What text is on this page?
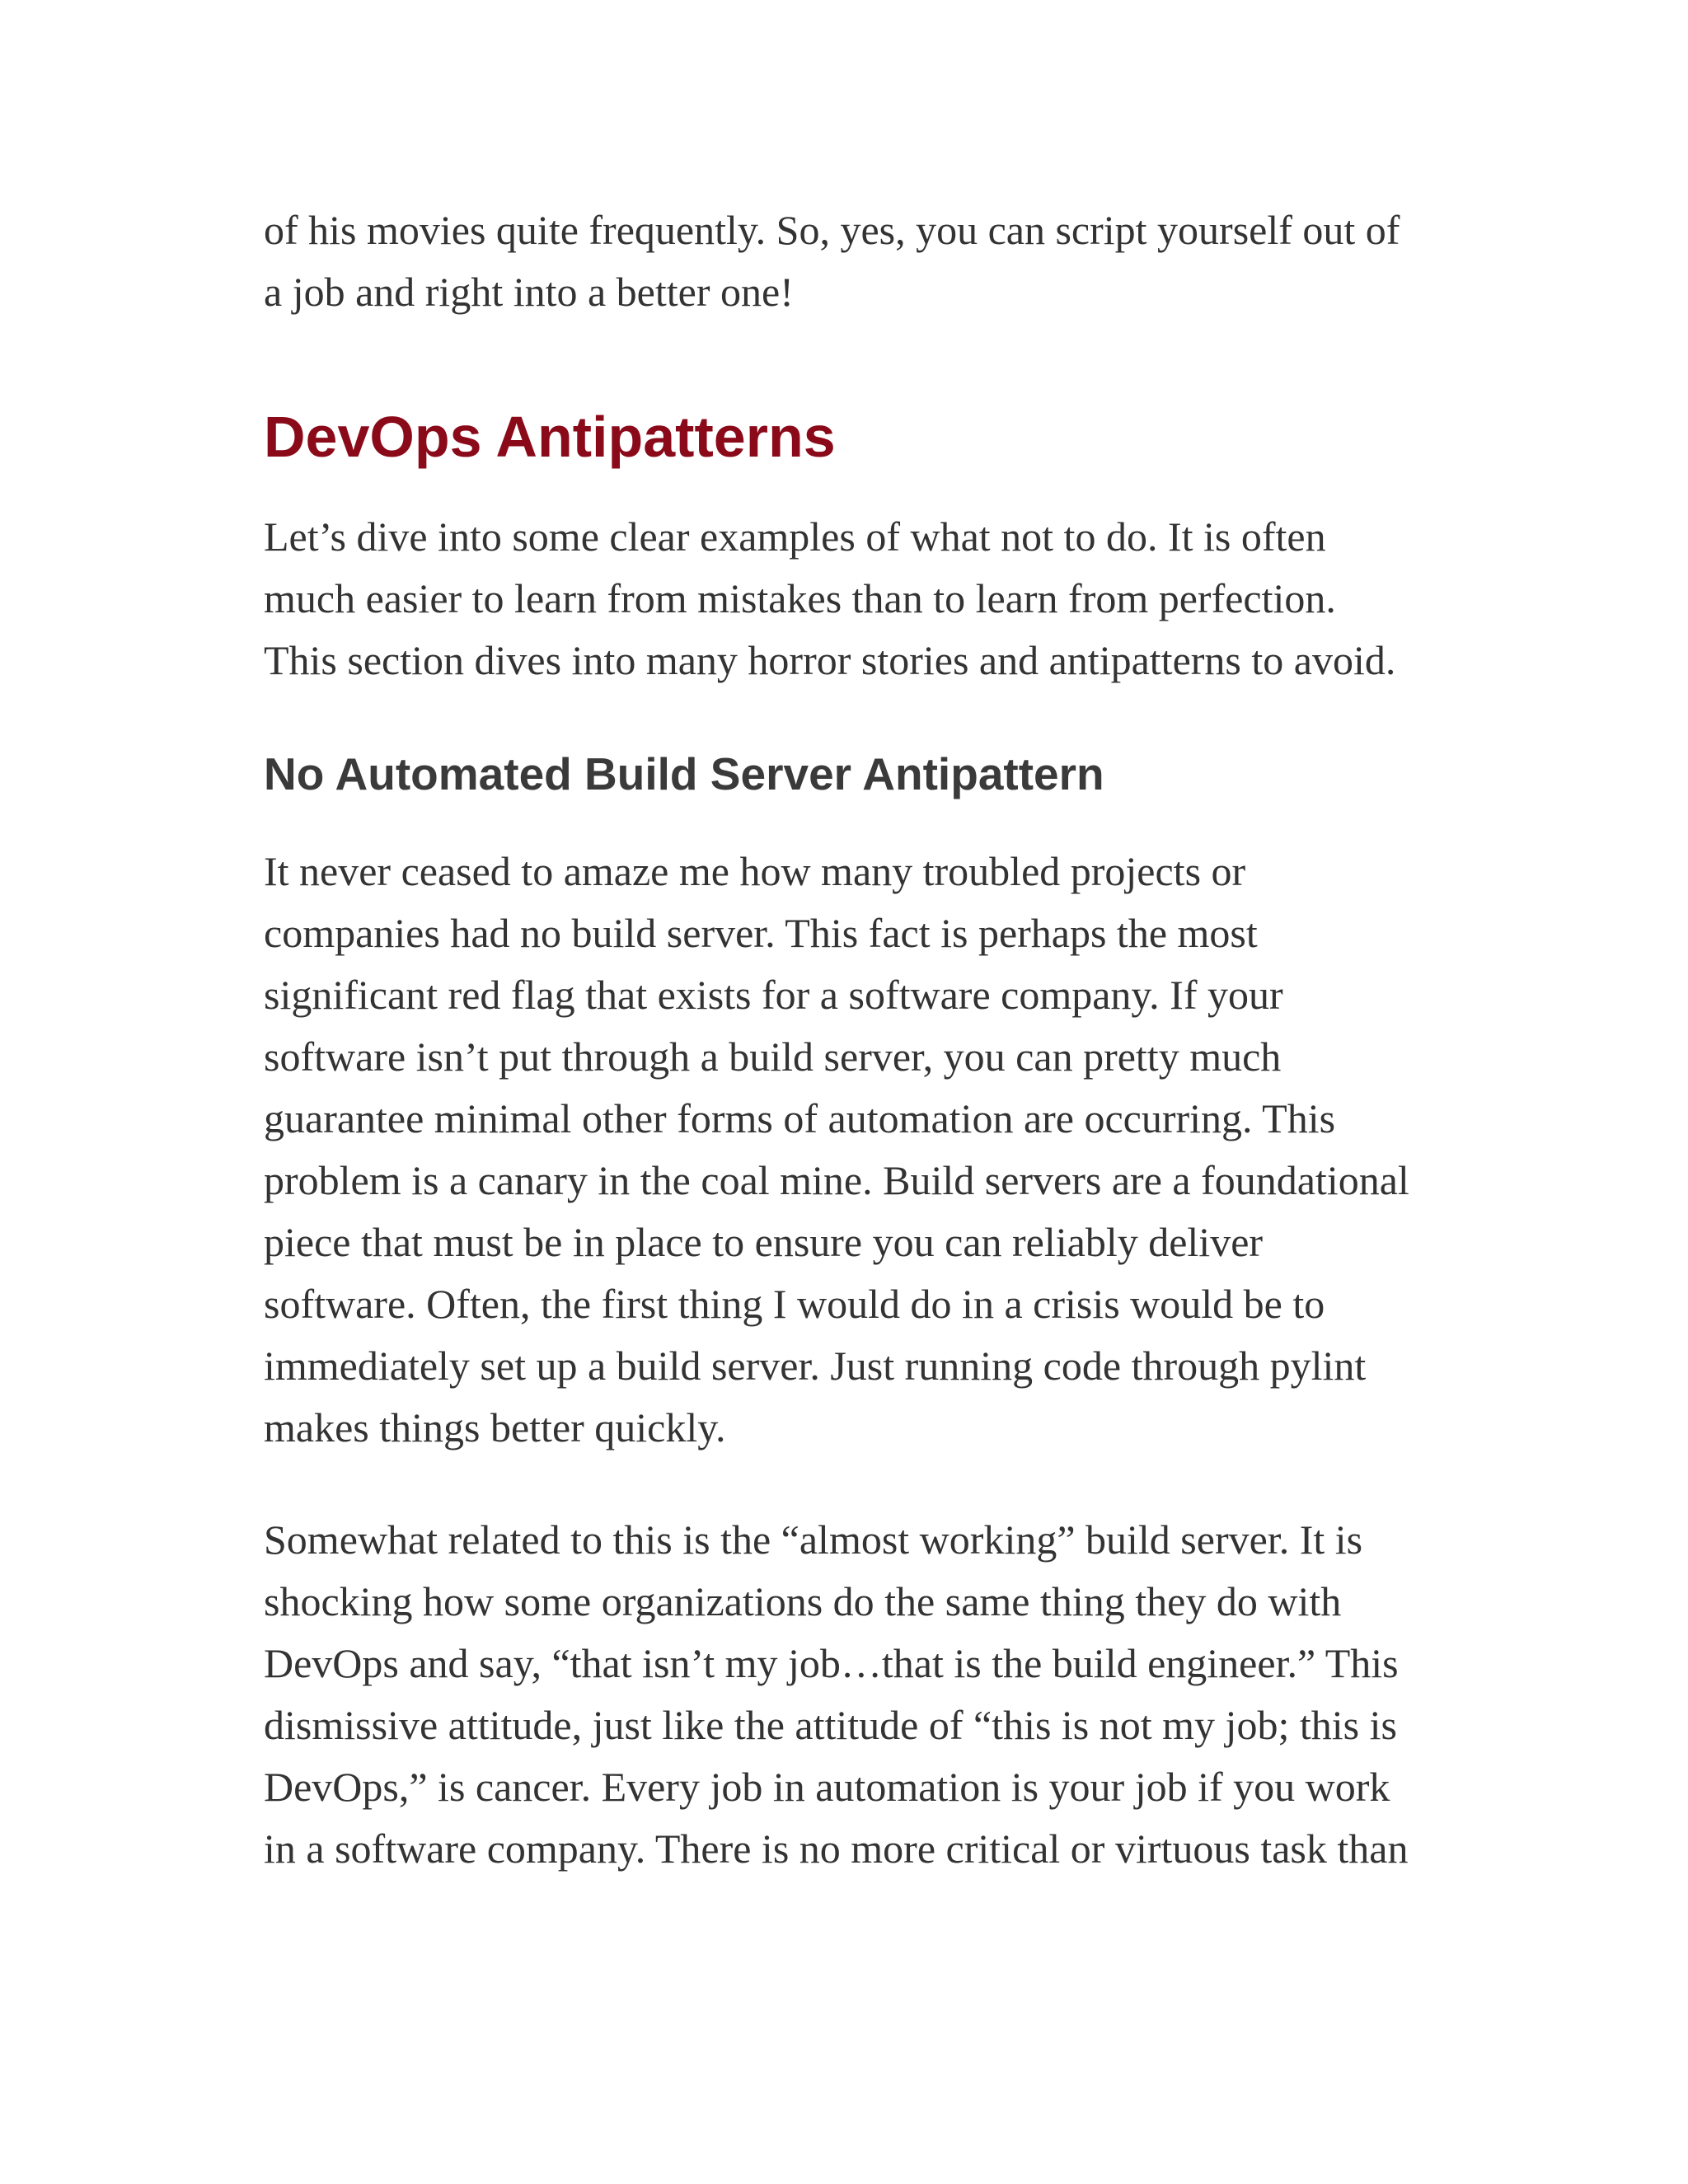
of his movies quite frequently. So, yes, you can script yourself out of
a job and right into a better one!

DevOps Antipatterns

Let’s dive into some clear examples of what not to do. It is often
much easier to learn from mistakes than to learn from perfection.
This section dives into many horror stories and antipatterns to avoid.

No Automated Build Server Antipattern

It never ceased to amaze me how many troubled projects or
companies had no build server. This fact is perhaps the most
significant red flag that exists for a software company. If your
software isn’t put through a build server, you can pretty much
guarantee minimal other forms of automation are occurring. This
problem is a canary in the coal mine. Build servers are a foundational
piece that must be in place to ensure you can reliably deliver
software. Often, the first thing I would do in a crisis would be to
immediately set up a build server. Just running code through pylint
makes things better quickly.

Somewhat related to this is the “almost working” build server. It is
shocking how some organizations do the same thing they do with
DevOps and say, “that isn’t my job…that is the build engineer.” This
dismissive attitude, just like the attitude of “this is not my job; this is
DevOps,” is cancer. Every job in automation is your job if you work
in a software company. There is no more critical or virtuous task than
